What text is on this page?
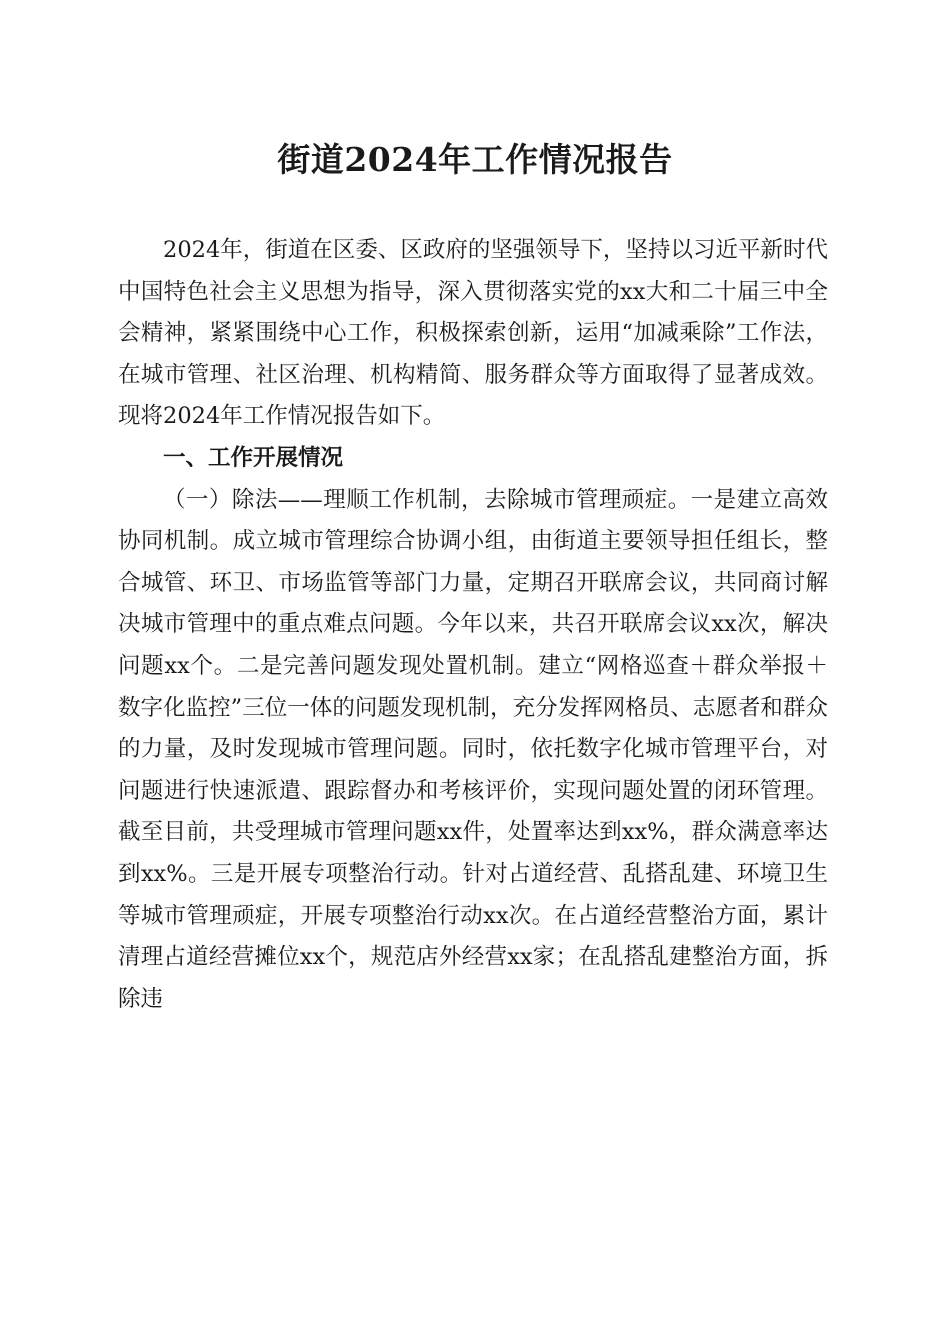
街道2024年工作情况报告

2024年，街道在区委、区政府的坚强领导下，坚持以习近平新时代中国特色社会主义思想为指导，深入贯彻落实党的xx大和二十届三中全会精神，紧紧围绕中心工作，积极探索创新，运用“加减乘除”工作法，在城市管理、社区治理、机构精简、服务群众等方面取得了显著成效。现将2024年工作情况报告如下。

一、工作开展情况

（一）除法——理顺工作机制，去除城市管理顽症。一是建立高效协同机制。成立城市管理综合协调小组，由街道主要领导担任组长，整合城管、环卫、市场监管等部门力量，定期召开联席会议，共同商讨解决城市管理中的重点难点问题。今年以来，共召开联席会议xx次，解决问题xx个。二是完善问题发现处置机制。建立“网格巡查＋群众举报＋数字化监控”三位一体的问题发现机制，充分发挥网格员、志愿者和群众的力量，及时发现城市管理问题。同时，依托数字化城市管理平台，对问题进行快速派遣、跟踪督办和考核评价，实现问题处置的闭环管理。截至目前，共受理城市管理问题xx件，处置率达到xx%，群众满意率达到xx%。三是开展专项整治行动。针对占道经营、乱搭乱建、环境卫生等城市管理顽症，开展专项整治行动xx次。在占道经营整治方面，累计清理占道经营摊位xx个，规范店外经营xx家；在乱搭乱建整治方面，拆除违
